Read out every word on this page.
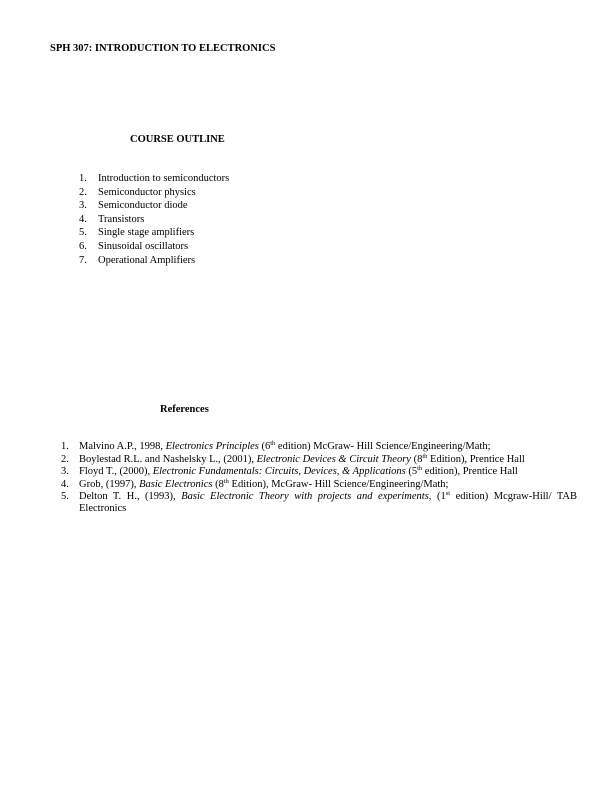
SPH 307: INTRODUCTION TO ELECTRONICS
COURSE OUTLINE
1.	Introduction to semiconductors
2.	Semiconductor physics
3.	Semiconductor diode
4.	Transistors
5.	Single stage amplifiers
6.	Sinusoidal oscillators
7.	Operational Amplifiers
References
1. Malvino A.P., 1998, Electronics Principles (6th edition) McGraw- Hill Science/Engineering/Math;
2. Boylestad R.L. and Nashelsky L., (2001), Electronic Devices & Circuit Theory (8th Edition), Prentice Hall
3. Floyd T., (2000), Electronic Fundamentals: Circuits, Devices, & Applications (5th edition), Prentice Hall
4. Grob, (1997), Basic Electronics (8th Edition), McGraw- Hill Science/Engineering/Math;
5. Delton T. H., (1993), Basic Electronic Theory with projects and experiments, (1st edition) Mcgraw-Hill/ TAB Electronics
